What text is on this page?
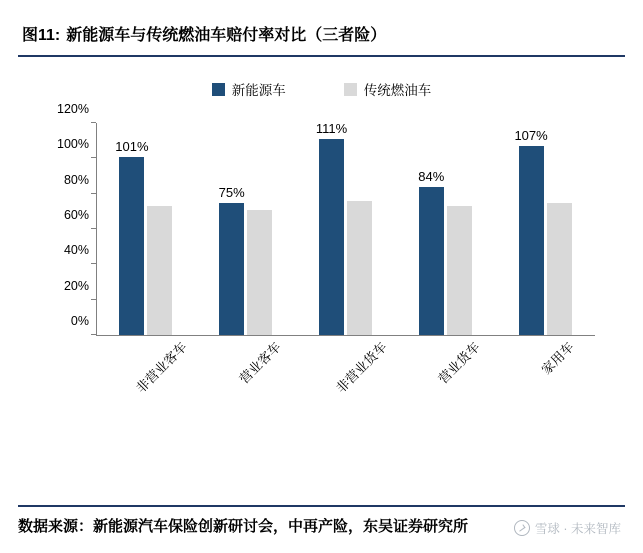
图11: 新能源车与传统燃油车赔付率对比（三者险）
新能源车	传统燃油车
0%
20%
40%
60%
80%
100%
120%
101%
75%
111%
84%
107%
非营业客车	营业客车	非营业货车	营业货车	家用车
数据来源：新能源汽车保险创新研讨会，中再产险，东吴证券研究所	雪球 · 未来智库
